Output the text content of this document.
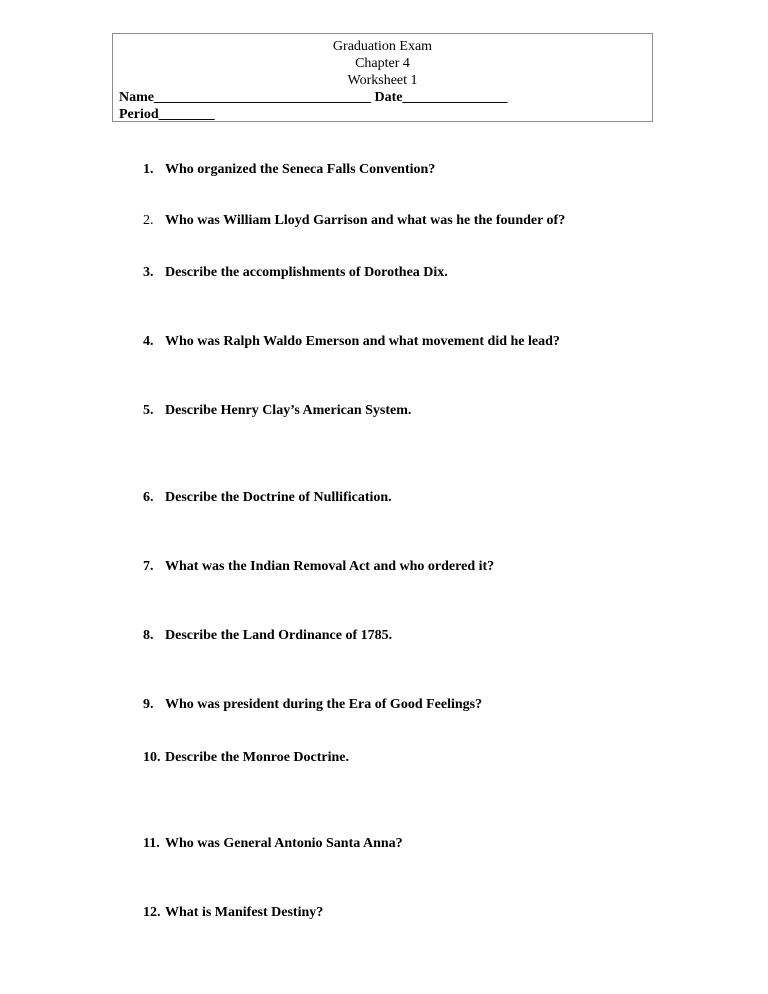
Graduation Exam
Chapter 4
Worksheet 1
Name_______________________________ Date_______________
Period________

1. Who organized the Seneca Falls Convention?

2. Who was William Lloyd Garrison and what was he the founder of?

3. Describe the accomplishments of Dorothea Dix.

4. Who was Ralph Waldo Emerson and what movement did he lead?

5. Describe Henry Clay’s American System.

6. Describe the Doctrine of Nullification.

7. What was the Indian Removal Act and who ordered it?

8. Describe the Land Ordinance of 1785.

9. Who was president during the Era of Good Feelings?

10. Describe the Monroe Doctrine.

11. Who was General Antonio Santa Anna?

12. What is Manifest Destiny?
